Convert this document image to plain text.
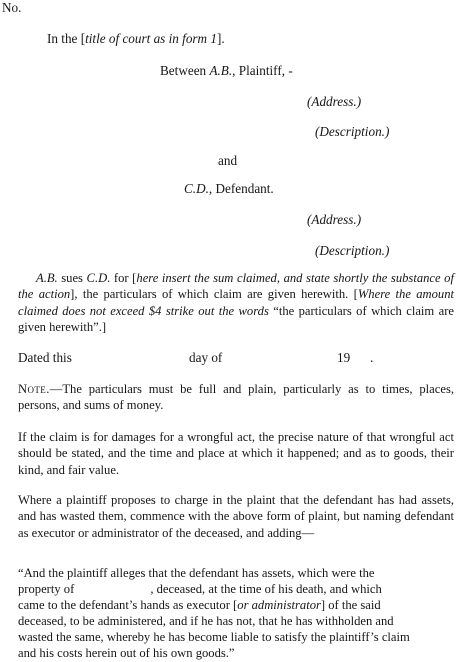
No.
In the [title of court as in form 1].
Between A.B., Plaintiff, -
(Address.)
(Description.)
and
C.D., Defendant.
(Address.)
(Description.)
A.B. sues C.D. for [here insert the sum claimed, and state shortly the substance of the action], the particulars of which claim are given herewith. [Where the amount claimed does not exceed $4 strike out the words “the particulars of which claim are given herewith”.]
Dated this	day of	19 .
Note.—The particulars must be full and plain, particularly as to times, places, persons, and sums of money.
If the claim is for damages for a wrongful act, the precise nature of that wrongful act should be stated, and the time and place at which it happened; and as to goods, their kind, and fair value.
Where a plaintiff proposes to charge in the plaint that the defendant has had assets, and has wasted them, commence with the above form of plaint, but naming defendant as executor or administrator of the deceased, and adding—
“And the plaintiff alleges that the defendant has assets, which were the
property of	, deceased, at the time of his death, and which
came to the defendant’s hands as executor [or administrator] of the said
deceased, to be administered, and if he has not, that he has withholden and
wasted the same, whereby he has become liable to satisfy the plaintiff’s claim
and his costs herein out of his own goods.”
